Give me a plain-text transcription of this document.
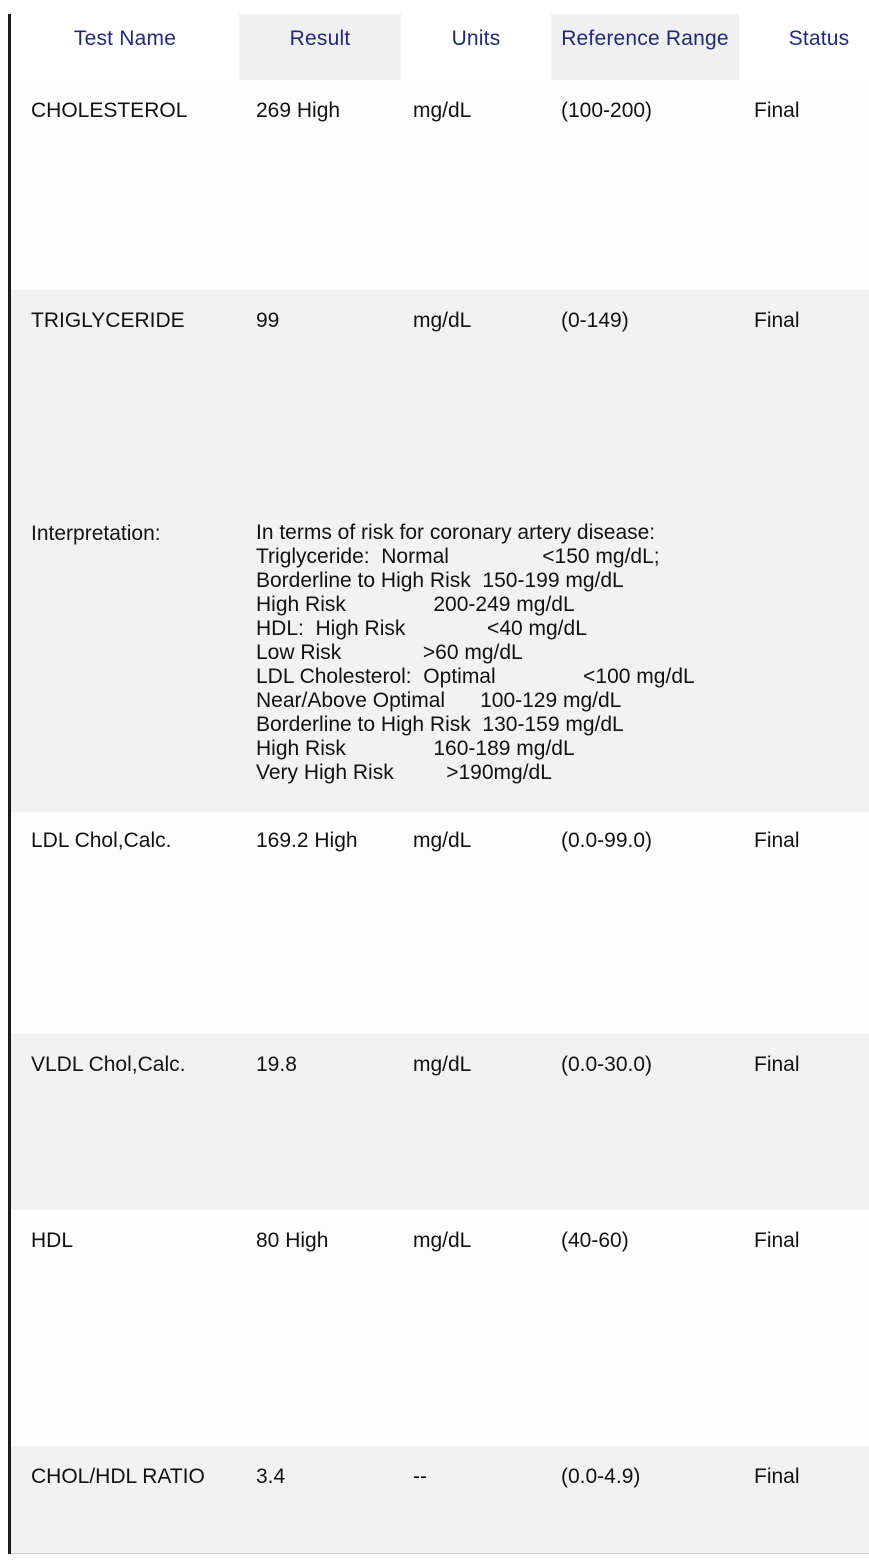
Test Name	Result	Units	Reference Range	Status
CHOLESTEROL	269 High	mg/dL	(100-200)	Final
TRIGLYCERIDE	99	mg/dL	(0-149)	Final
Interpretation:	In terms of risk for coronary artery disease:
Triglyceride:  Normal                <150 mg/dL;
Borderline to High Risk  150-199 mg/dL
High Risk               200-249 mg/dL
HDL:  High Risk              <40 mg/dL
Low Risk              >60 mg/dL
LDL Cholesterol:  Optimal               <100 mg/dL
Near/Above Optimal      100-129 mg/dL
Borderline to High Risk  130-159 mg/dL
High Risk               160-189 mg/dL
Very High Risk         >190mg/dL
LDL Chol,Calc.	169.2 High	mg/dL	(0.0-99.0)	Final
VLDL Chol,Calc.	19.8	mg/dL	(0.0-30.0)	Final
HDL	80 High	mg/dL	(40-60)	Final
CHOL/HDL RATIO 3.4	--	(0.0-4.9)	Final
